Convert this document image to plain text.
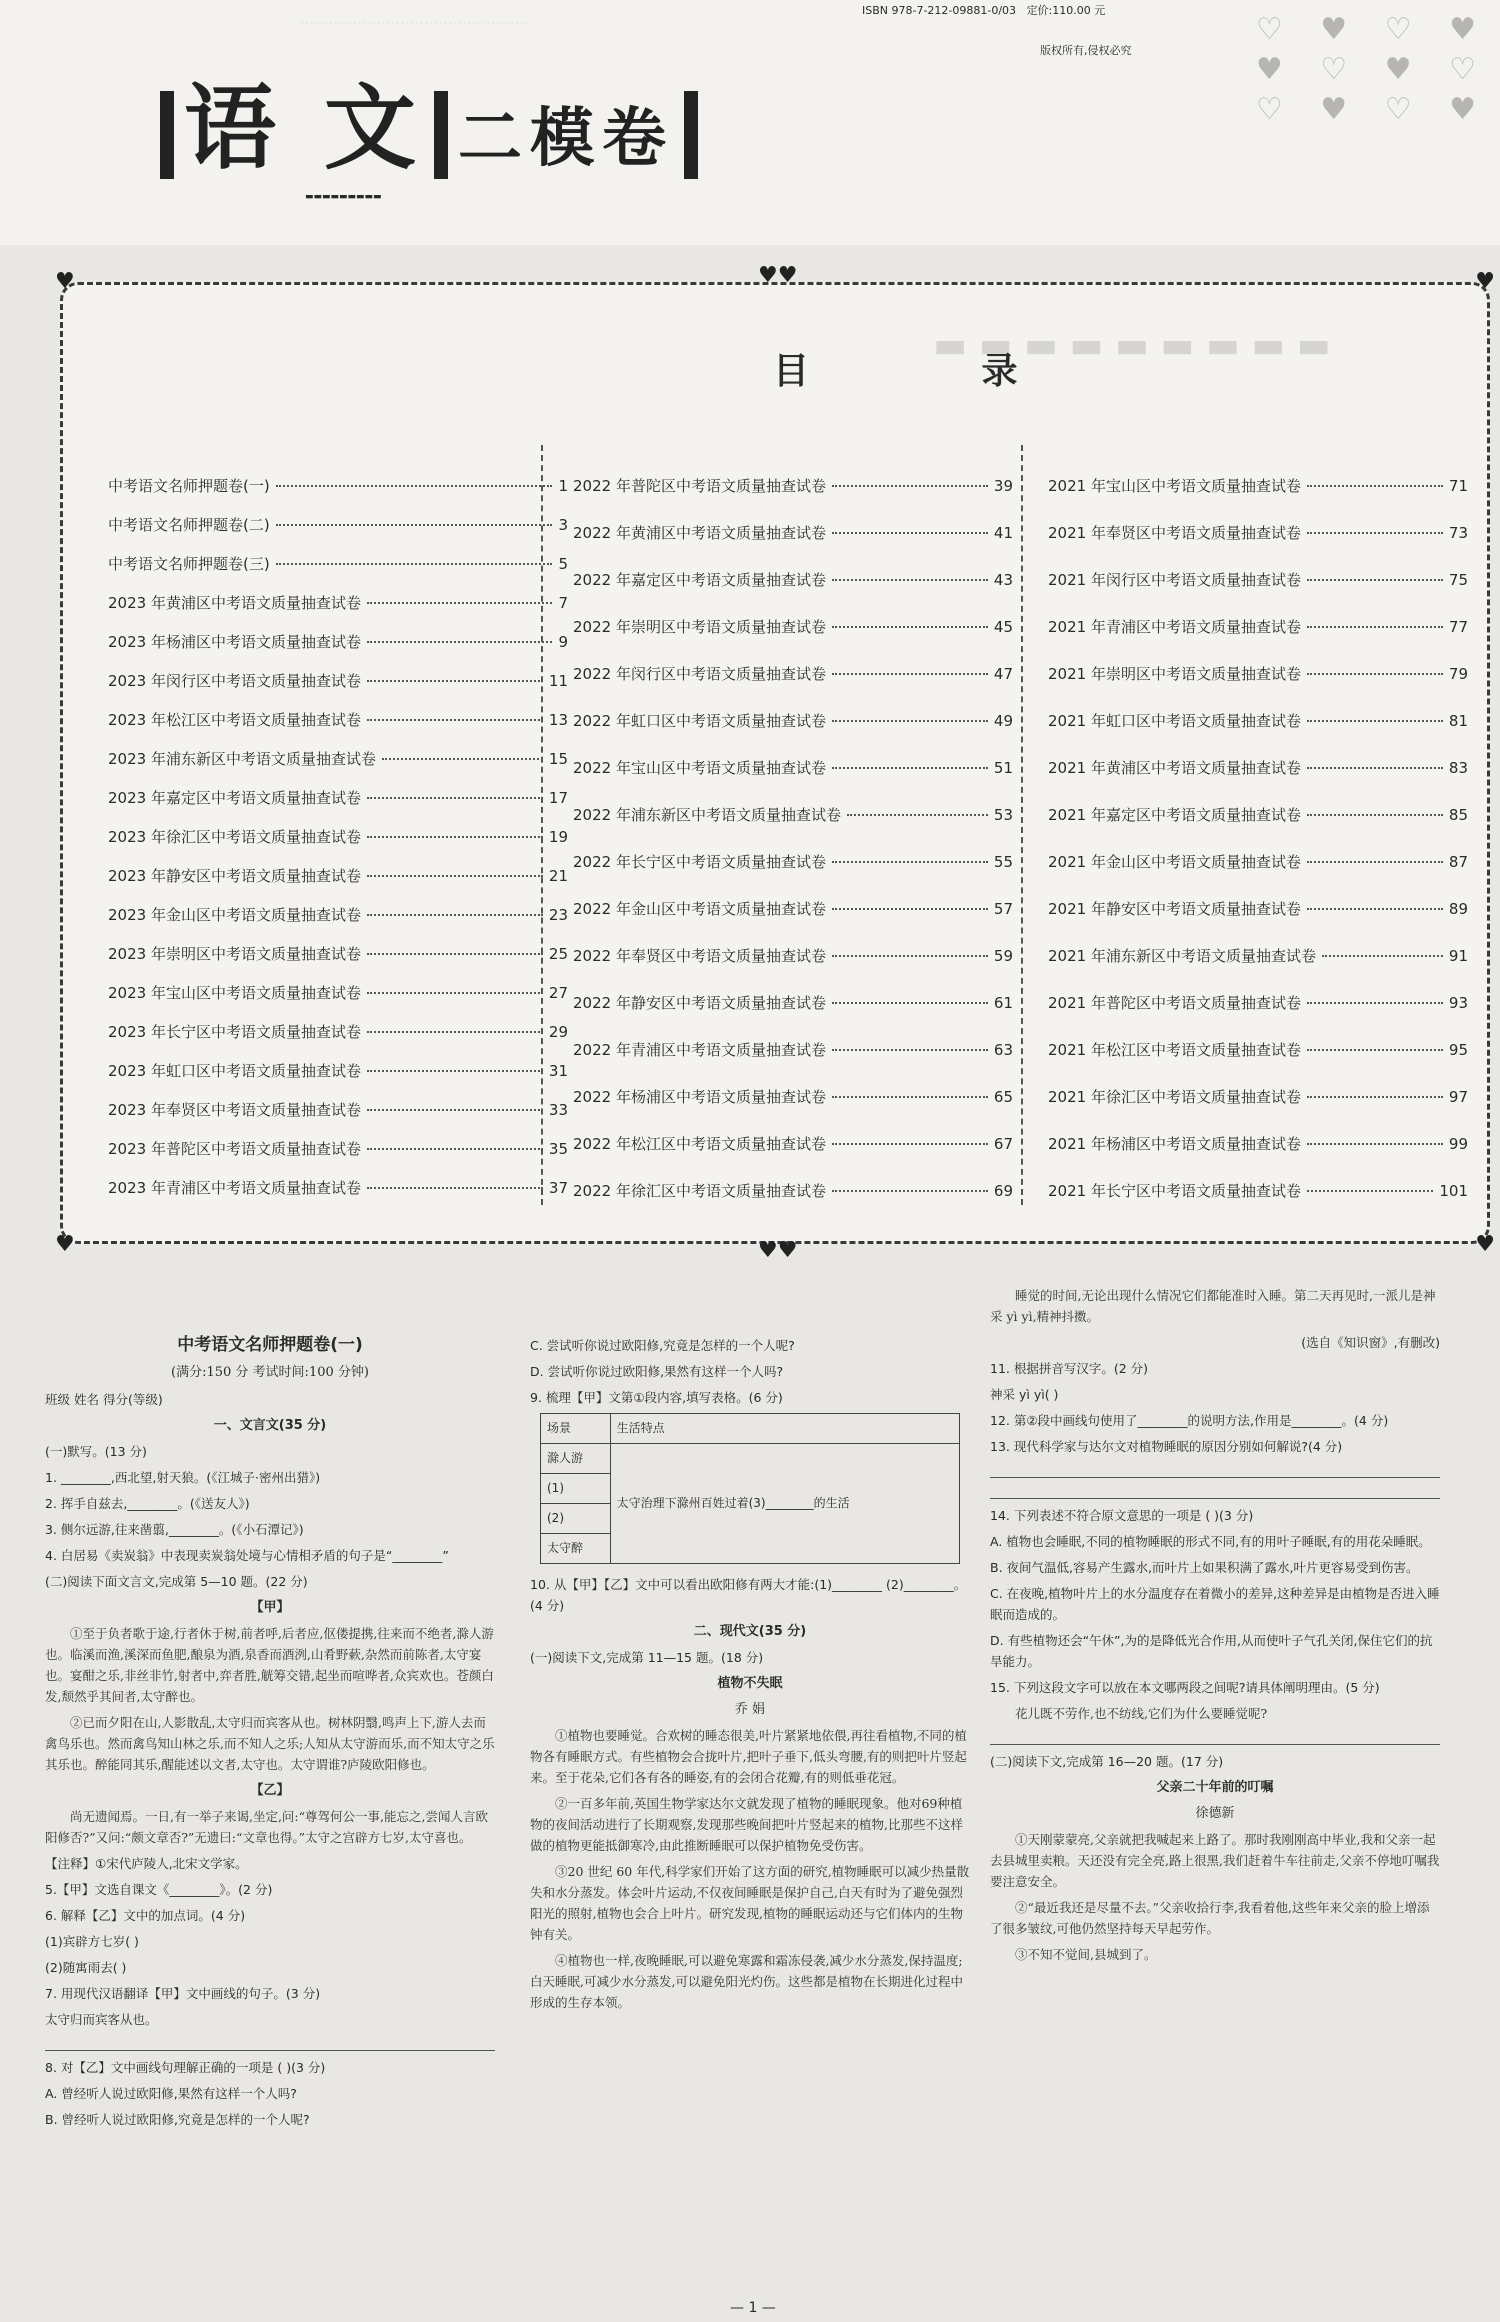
················································
语 文 二模卷
ISBN 978-7-212-09881-0/03 定价:110.00 元
版权所有,侵权必究
▬▬▬▬▬▬▬▬▬
♡ ♥ ♡ ♥
♥ ♡ ♥ ♡
♡ ♥ ♡ ♥
♥	♥
♥	♥
♥♥
♥♥
▬ ▬ ▬ ▬ ▬ ▬ ▬ ▬ ▬
目 录
中考语文名师押题卷(一)	1
中考语文名师押题卷(二)	3
中考语文名师押题卷(三)	5
2023 年黄浦区中考语文质量抽查试卷	7
2023 年杨浦区中考语文质量抽查试卷	9
2023 年闵行区中考语文质量抽查试卷	11
2023 年松江区中考语文质量抽查试卷	13
2023 年浦东新区中考语文质量抽查试卷	15
2023 年嘉定区中考语文质量抽查试卷	17
2023 年徐汇区中考语文质量抽查试卷	19
2023 年静安区中考语文质量抽查试卷	21
2023 年金山区中考语文质量抽查试卷	23
2023 年崇明区中考语文质量抽查试卷	25
2023 年宝山区中考语文质量抽查试卷	27
2023 年长宁区中考语文质量抽查试卷	29
2023 年虹口区中考语文质量抽查试卷	31
2023 年奉贤区中考语文质量抽查试卷	33
2023 年普陀区中考语文质量抽查试卷	35
2023 年青浦区中考语文质量抽查试卷	37
2022 年普陀区中考语文质量抽查试卷	39
2022 年黄浦区中考语文质量抽查试卷	41
2022 年嘉定区中考语文质量抽查试卷	43
2022 年崇明区中考语文质量抽查试卷	45
2022 年闵行区中考语文质量抽查试卷	47
2022 年虹口区中考语文质量抽查试卷	49
2022 年宝山区中考语文质量抽查试卷	51
2022 年浦东新区中考语文质量抽查试卷	53
2022 年长宁区中考语文质量抽查试卷	55
2022 年金山区中考语文质量抽查试卷	57
2022 年奉贤区中考语文质量抽查试卷	59
2022 年静安区中考语文质量抽查试卷	61
2022 年青浦区中考语文质量抽查试卷	63
2022 年杨浦区中考语文质量抽查试卷	65
2022 年松江区中考语文质量抽查试卷	67
2022 年徐汇区中考语文质量抽查试卷	69
2021 年宝山区中考语文质量抽查试卷	71
2021 年奉贤区中考语文质量抽查试卷	73
2021 年闵行区中考语文质量抽查试卷	75
2021 年青浦区中考语文质量抽查试卷	77
2021 年崇明区中考语文质量抽查试卷	79
2021 年虹口区中考语文质量抽查试卷	81
2021 年黄浦区中考语文质量抽查试卷	83
2021 年嘉定区中考语文质量抽查试卷	85
2021 年金山区中考语文质量抽查试卷	87
2021 年静安区中考语文质量抽查试卷	89
2021 年浦东新区中考语文质量抽查试卷	91
2021 年普陀区中考语文质量抽查试卷	93
2021 年松江区中考语文质量抽查试卷	95
2021 年徐汇区中考语文质量抽查试卷	97
2021 年杨浦区中考语文质量抽查试卷	99
2021 年长宁区中考语文质量抽查试卷	101
中考语文名师押题卷(一)
(满分:150 分 考试时间:100 分钟)

班级 姓名 得分(等级)

一、文言文(35 分)

(一)默写。(13 分)

1. ________,西北望,射天狼。(《江城子·密州出猎》)

2. 挥手自兹去,________。(《送友人》)

3. 侧尔远游,往来凿翦,________。(《小石潭记》)

4. 白居易《卖炭翁》中表现卖炭翁处境与心情相矛盾的句子是“________”

(二)阅读下面文言文,完成第 5—10 题。(22 分)

【甲】

①至于负者歌于途,行者休于树,前者呼,后者应,伛偻提携,往来而不绝者,滁人游也。临溪而渔,溪深而鱼肥,酿泉为酒,泉香而酒洌,山肴野蔌,杂然而前陈者,太守宴也。宴酣之乐,非丝非竹,射者中,弈者胜,觥筹交错,起坐而喧哗者,众宾欢也。苍颜白发,颓然乎其间者,太守醉也。

②已而夕阳在山,人影散乱,太守归而宾客从也。树林阴翳,鸣声上下,游人去而禽鸟乐也。然而禽鸟知山林之乐,而不知人之乐;人知从太守游而乐,而不知太守之乐其乐也。醉能同其乐,醒能述以文者,太守也。太守谓谁?庐陵欧阳修也。

【乙】

尚无遗闻焉。一日,有一举子来谒,坐定,问:“尊驾何公一事,能忘之,尝闻人言欧阳修否?”又问:“颇文章否?”无遗曰:“文章也得。”太守之宫辟方七岁,太守喜也。

【注释】①宋代庐陵人,北宋文学家。

5.【甲】文选自课文《________》。(2 分)

6. 解释【乙】文中的加点词。(4 分)

(1)宾辟方七岁( )

(2)随寓雨去( )

7. 用现代汉语翻译【甲】文中画线的句子。(3 分)

太守归而宾客从也。

8. 对【乙】文中画线句理解正确的一项是 ( )(3 分)

A. 曾经听人说过欧阳修,果然有这样一个人吗?

B. 曾经听人说过欧阳修,究竟是怎样的一个人呢?

C. 尝试听你说过欧阳修,究竟是怎样的一个人呢?

D. 尝试听你说过欧阳修,果然有这样一个人吗?

9. 梳理【甲】文第①段内容,填写表格。(6 分)

场景	生活特点
滁人游	太守治理下滁州百姓过着(3)________的生活
(1)	
(2)	
太守醉	

10. 从【甲】【乙】文中可以看出欧阳修有两大才能:(1)________ (2)________。(4 分)

二、现代文(35 分)

(一)阅读下文,完成第 11—15 题。(18 分)

植物不失眠

乔 娟

①植物也要睡觉。合欢树的睡态很美,叶片紧紧地依偎,再往看植物,不同的植物各有睡眠方式。有些植物会合拢叶片,把叶子垂下,低头弯腰,有的则把叶片竖起来。至于花朵,它们各有各的睡姿,有的会闭合花瓣,有的则低垂花冠。

②一百多年前,英国生物学家达尔文就发现了植物的睡眠现象。他对69种植物的夜间活动进行了长期观察,发现那些晚间把叶片竖起来的植物,比那些不这样做的植物更能抵御寒冷,由此推断睡眠可以保护植物免受伤害。

③20 世纪 60 年代,科学家们开始了这方面的研究,植物睡眠可以减少热量散失和水分蒸发。体会叶片运动,不仅夜间睡眠是保护自己,白天有时为了避免强烈阳光的照射,植物也会合上叶片。研究发现,植物的睡眠运动还与它们体内的生物钟有关。

④植物也一样,夜晚睡眠,可以避免寒露和霜冻侵袭,减少水分蒸发,保持温度;白天睡眠,可减少水分蒸发,可以避免阳光灼伤。这些都是植物在长期进化过程中形成的生存本领。

睡觉的时间,无论出现什么情况它们都能准时入睡。第二天再见时,一派儿是神采 yì yì,精神抖擞。

(选自《知识窗》,有删改)

11. 根据拼音写汉字。(2 分)

神采 yì yì( )

12. 第②段中画线句使用了________的说明方法,作用是________。(4 分)

13. 现代科学家与达尔文对植物睡眠的原因分别如何解说?(4 分)

14. 下列表述不符合原文意思的一项是 ( )(3 分)

A. 植物也会睡眠,不同的植物睡眠的形式不同,有的用叶子睡眠,有的用花朵睡眠。

B. 夜间气温低,容易产生露水,而叶片上如果积满了露水,叶片更容易受到伤害。

C. 在夜晚,植物叶片上的水分温度存在着微小的差异,这种差异是由植物是否进入睡眠而造成的。

D. 有些植物还会“午休”,为的是降低光合作用,从而使叶子气孔关闭,保住它们的抗旱能力。

15. 下列这段文字可以放在本文哪两段之间呢?请具体阐明理由。(5 分)

花儿既不劳作,也不纺线,它们为什么要睡觉呢?

(二)阅读下文,完成第 16—20 题。(17 分)

父亲二十年前的叮嘱

徐德新

①天刚蒙蒙亮,父亲就把我喊起来上路了。那时我刚刚高中毕业,我和父亲一起去县城里卖粮。天还没有完全亮,路上很黑,我们赶着牛车往前走,父亲不停地叮嘱我要注意安全。

②“最近我还是尽量不去。”父亲收拾行李,我看着他,这些年来父亲的脸上增添了很多皱纹,可他仍然坚持每天早起劳作。

③不知不觉间,县城到了。

— 1 —
